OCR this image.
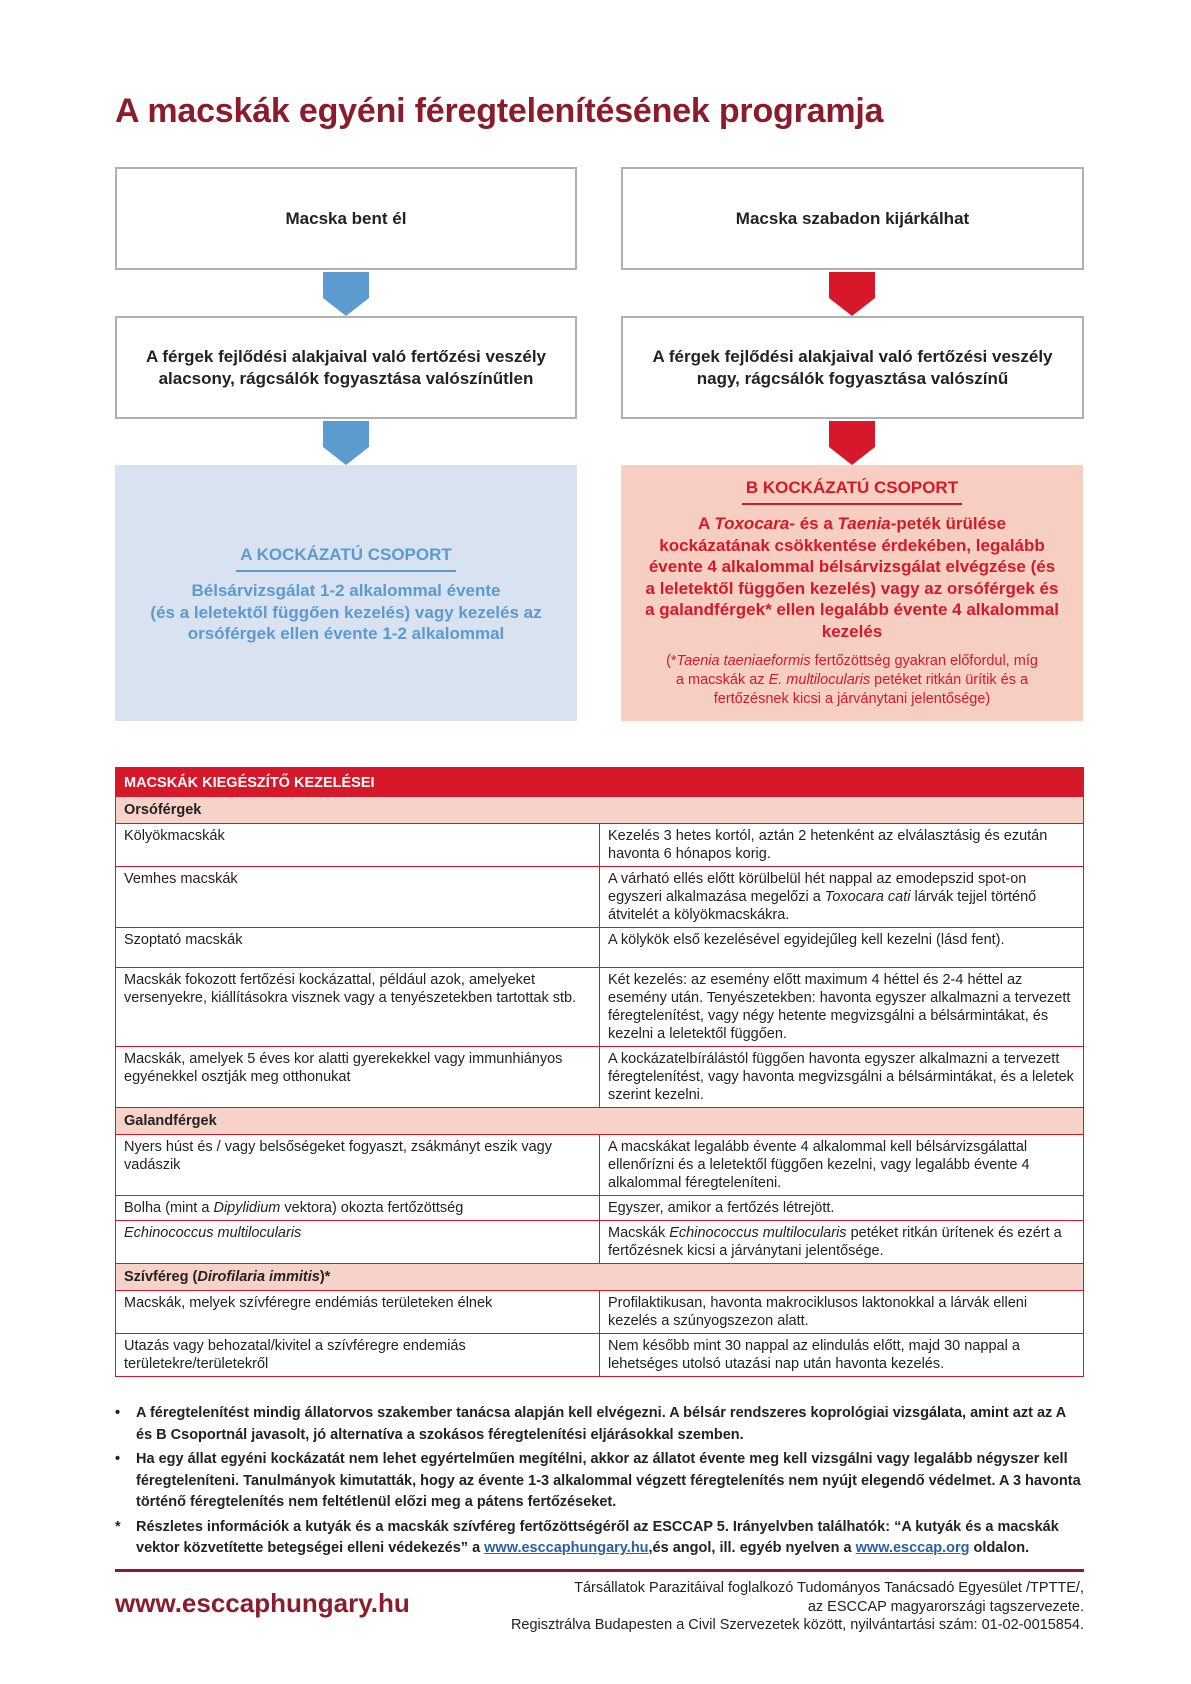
A macskák egyéni féregtelenítésének programja
Macska bent él	Macska szabadon kijárkálhat
A férgek fejlődési alakjaival való fertőzési veszély
alacsony, rágcsálók fogyasztása valószínűtlen
A férgek fejlődési alakjaival való fertőzési veszély
nagy, rágcsálók fogyasztása valószínű
A KOCKÁZATÚ CSOPORT
Bélsárvizsgálat 1-2 alkalommal évente
(és a leletektől függően kezelés) vagy kezelés az
orsóférgek ellen évente 1-2 alkalommal
B KOCKÁZATÚ CSOPORT
A Toxocara- és a Taenia-peték ürülése
kockázatának csökkentése érdekében, legalább
évente 4 alkalommal bélsárvizsgálat elvégzése (és
a leletektől függően kezelés) vagy az orsóférgek és
a galandférgek* ellen legalább évente 4 alkalommal
kezelés
(*Taenia taeniaeformis fertőzöttség gyakran előfordul, míg
a macskák az E. multilocularis petéket ritkán ürítik és a
fertőzésnek kicsi a járványtani jelentősége)
MACSKÁK KIEGÉSZÍTŐ KEZELÉSEI	
Orsóférgek	
Kölyökmacskák	Kezelés 3 hetes kortól, aztán 2 hetenként az elválasztásig és ezután havonta 6 hónapos korig.
Vemhes macskák	A várható ellés előtt körülbelül hét nappal az emodepszid spot-on egyszeri alkalmazása megelőzi a Toxocara cati lárvák tejjel történő átvitelét a kölyökmacskákra.
Szoptató macskák	A kölykök első kezelésével egyidejűleg kell kezelni (lásd fent).
Macskák fokozott fertőzési kockázattal, például azok, amelyeket versenyekre, kiállításokra visznek vagy a tenyészetekben tartottak stb.	Két kezelés: az esemény előtt maximum 4 héttel és 2-4 héttel az esemény után. Tenyészetekben: havonta egyszer alkalmazni a tervezett féregtelenítést, vagy négy hetente megvizsgálni a bélsármintákat, és kezelni a leletektől függően.
Macskák, amelyek 5 éves kor alatti gyerekekkel vagy immunhiányos egyénekkel osztják meg otthonukat	A kockázatelbírálástól függően havonta egyszer alkalmazni a tervezett féregtelenítést, vagy havonta megvizsgálni a bélsármintákat, és a leletek szerint kezelni.
Galandférgek	
Nyers húst és / vagy belsőségeket fogyaszt, zsákmányt eszik vagy vadászik	A macskákat legalább évente 4 alkalommal kell bélsárvizsgálattal ellenőrízni és a leletektől függően kezelni, vagy legalább évente 4 alkalommal féregteleníteni.
Bolha (mint a Dipylidium vektora) okozta fertőzöttség	Egyszer, amikor a fertőzés létrejött.
Echinococcus multilocularis	Macskák Echinococcus multilocularis petéket ritkán ürítenek és ezért a fertőzésnek kicsi a járványtani jelentősége.
Szívféreg (Dirofilaria immitis)*	
Macskák, melyek szívféregre endémiás területeken élnek	Profilaktikusan, havonta makrociklusos laktonokkal a lárvák elleni kezelés a szúnyogszezon alatt.
Utazás vagy behozatal/kivitel a szívféregre endemiás területekre/területekről	Nem később mint 30 nappal az elindulás előtt, majd 30 nappal a lehetséges utolsó utazási nap után havonta kezelés.
• A féregtelenítést mindig állatorvos szakember tanácsa alapján kell elvégezni. A bélsár rendszeres koprológiai vizsgálata, amint azt az A és B Csoportnál javasolt, jó alternatíva a szokásos féregtelenítési eljárásokkal szemben.
• Ha egy állat egyéni kockázatát nem lehet egyértelműen megítélni, akkor az állatot évente meg kell vizsgálni vagy legalább négyszer kell féregteleníteni. Tanulmányok kimutatták, hogy az évente 1-3 alkalommal végzett féregtelenítés nem nyújt elegendő védelmet. A 3 havonta történő féregtelenítés nem feltétlenül előzi meg a pátens fertőzéseket.
* Részletes információk a kutyák és a macskák szívféreg fertőzöttségéről az ESCCAP 5. Irányelvben találhatók: “A kutyák és a macskák vektor közvetítette betegségei elleni védekezés” a www.esccaphungary.hu,és angol, ill. egyéb nyelven a www.esccap.org oldalon.
www.esccaphungary.hu	Társállatok Parazitáival foglalkozó Tudományos Tanácsadó Egyesület /TPTTE/,
az ESCCAP magyarországi tagszervezete.
Regisztrálva Budapesten a Civil Szervezetek között, nyilvántartási szám: 01-02-0015854.
